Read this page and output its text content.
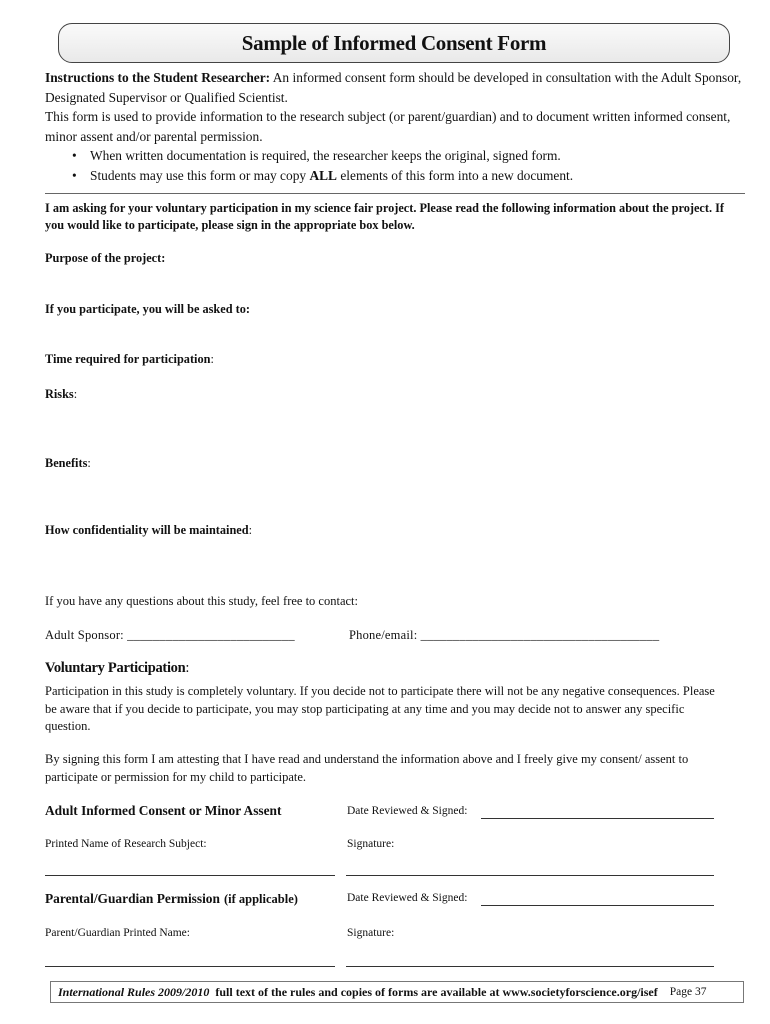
Sample of Informed Consent Form

Instructions to the Student Researcher: An informed consent form should be developed in consultation with the Adult Sponsor, Designated Supervisor or Qualified Scientist.

This form is used to provide information to the research subject (or parent/guardian) and to document written informed consent, minor assent and/or parental permission.

• When written documentation is required, the researcher keeps the original, signed form.
• Students may use this form or may copy ALL elements of this form into a new document.
I am asking for your voluntary participation in my science fair project. Please read the following information about the project. If you would like to participate, please sign in the appropriate box below.
Purpose of the project:
If you participate, you will be asked to:
Time required for participation:
Risks:
Benefits:
How confidentiality will be maintained:
If you have any questions about this study, feel free to contact:
Adult Sponsor: __________________________	Phone/email: _____________________________________
Voluntary Participation:
Participation in this study is completely voluntary. If you decide not to participate there will not be any negative consequences. Please be aware that if you decide to participate, you may stop participating at any time and you may decide not to answer any specific question.
By signing this form I am attesting that I have read and understand the information above and I freely give my consent/ assent to participate or permission for my child to participate.
Adult Informed Consent or Minor Assent	Date Reviewed & Signed:
Printed Name of Research Subject:	Signature:
Parental/Guardian Permission (if applicable)	Date Reviewed & Signed:
Parent/Guardian Printed Name:	Signature:
International Rules 2009/2010 full text of the rules and copies of forms are available at www.societyforscience.org/isef Page 37
